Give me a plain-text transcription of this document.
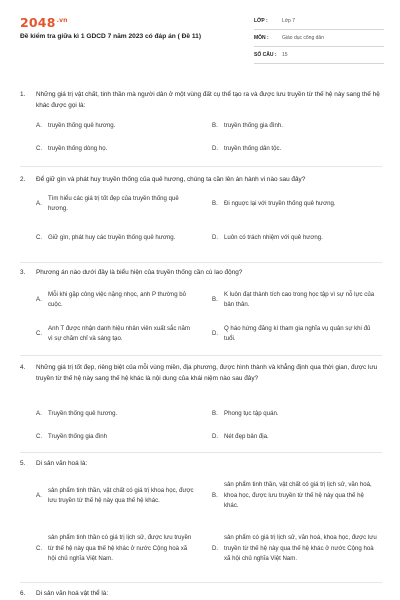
$2048^{.vn}$
Đề kiểm tra giữa kì 1 GDCD 7 năm 2023 có đáp án ( Đề 11)
LỚP :	Lớp 7
MÔN :	Giáo dục công dân
SỐ CÂU :	15
1. Những giá trị vật chất, tinh thần mà người dân ở một vùng đất cụ thể tạo ra và được lưu truyền từ thế hệ này sang thế hệ khác được gọi là:
A.	truyền thống quê hương.	B.	truyền thống gia đình.
C. truyền thống dòng họ.	D. truyền thống dân tộc.
2. Để giữ gìn và phát huy truyền thống của quê hương, chúng ta cần lên án hành vi nào sau đây?
A.
Tìm hiểu các giá trị tốt đẹp của truyền thống quê hương.
B.	Đi nguợc lại với truyền thống quê hương.
C. Giữ gìn, phát huy các truyền thống quê hương.	D. Luôn có trách nhiệm với quê hương.
3. Phương án nào dưới đây là biểu hiện của truyền thống cần cù lao động?
A.
Mỗi khi gặp công việc nặng nhọc, anh P thường bỏ cuộc.
B.
K luôn đạt thành tích cao trong học tập vì sự nỗ lực của bản thân.
C.
Anh T được nhận danh hiệu nhân viên xuất sắc năm vì sự chăm chỉ và sáng tạo.
D.
Q háo hứng đăng kí tham gia nghĩa vụ quân sự khi đủ tuổi.
4. Những giá trị tốt đẹp, riêng biệt của mỗi vùng miền, địa phương, được hình thành và khẳng định qua thời gian, được lưu truyền từ thế hệ này sang thế hệ khác là nội dung của khái niệm nào sau đây?
A.	Truyền thống quê hương.	B.	Phong tục tập quán.
C. Truyền thống gia đình	D. Nét đẹp bản địa.
5. Di sản văn hoá là:
A.
sản phẩm tinh thần, vật chất có giá trị khoa học, được lưu truyền từ thế hệ này qua thế hệ khác.
B.
sản phẩm tinh thần, vật chất có giá trị lịch sử, văn hoá, khoa học, được lưu truyền từ thế hệ này qua thế hệ khác.
C.
sản phẩm tinh thần có giá trị lịch sử, được lưu truyền từ thế hệ này qua thế hệ khác ở nước Cộng hoà xã hội chủ nghĩa Việt Nam.
D.
sản phẩm có giá trị lịch sử, văn hoá, khoa học, được lưu truyền từ thế hệ này qua thế hệ khác ở nước Cộng hoà xã hội chủ nghĩa Việt Nam.
6. Di sản văn hoá vật thể là:
